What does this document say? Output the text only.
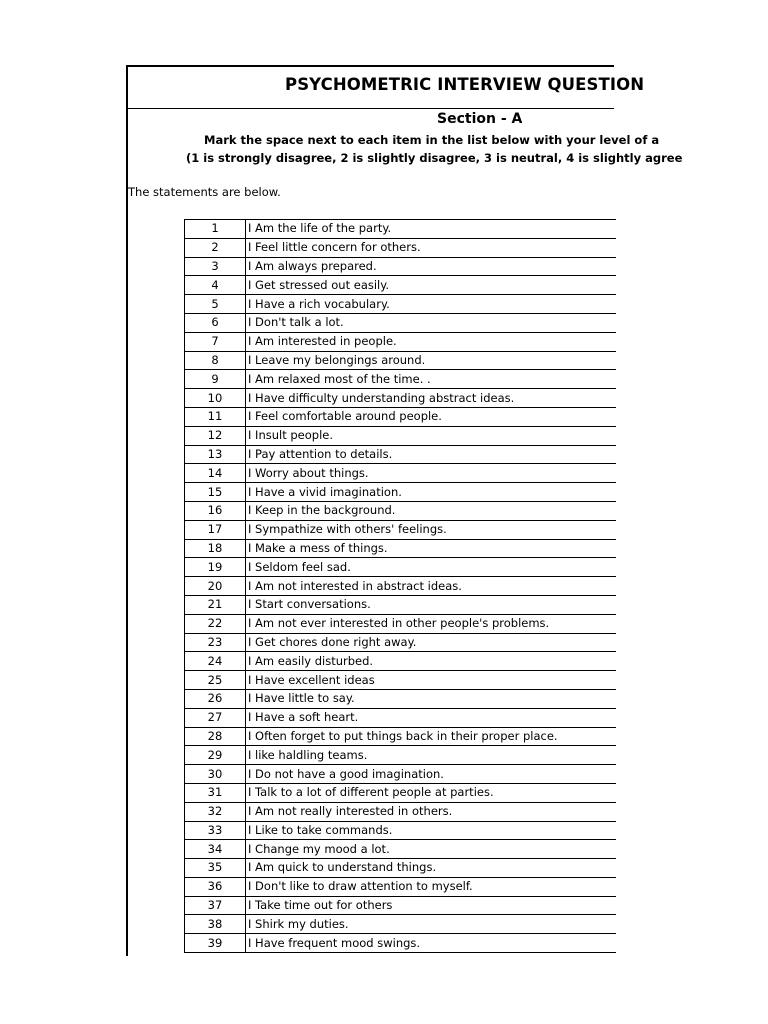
PSYCHOMETRIC INTERVIEW QUESTION
Section - A
Mark the space next to each item in the list below with your level of a
(1 is strongly disagree, 2 is slightly disagree, 3 is neutral, 4 is slightly agree
The statements are below.
1	I Am the life of the party.
2	I Feel little concern for others.
3	I Am always prepared.
4	I Get stressed out easily.
5	I Have a rich vocabulary.
6	I Don't talk a lot.
7	I Am interested in people.
8	I Leave my belongings around.
9	I Am relaxed most of the time. .
10	I Have difficulty understanding abstract ideas.
11	I Feel comfortable around people.
12	I Insult people.
13	I Pay attention to details.
14	I Worry about things.
15	I Have a vivid imagination.
16	I Keep in the background.
17	I Sympathize with others' feelings.
18	I Make a mess of things.
19	I Seldom feel sad.
20	I Am not interested in abstract ideas.
21	I Start conversations.
22	I Am not ever interested in other people's problems.
23	I Get chores done right away.
24	I Am easily disturbed.
25	I Have excellent ideas
26	I Have little to say.
27	I Have a soft heart.
28	I Often forget to put things back in their proper place.
29	I like haldling teams.
30	I Do not have a good imagination.
31	I Talk to a lot of different people at parties.
32	I Am not really interested in others.
33	I Like to take commands.
34	I Change my mood a lot.
35	I Am quick to understand things.
36	I Don't like to draw attention to myself.
37	I Take time out for others
38	I Shirk my duties.
39	I Have frequent mood swings.
